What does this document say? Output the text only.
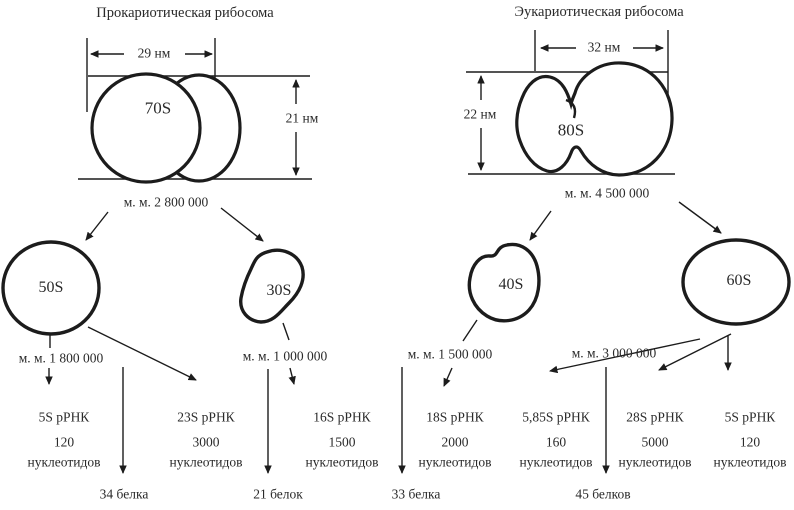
Прокариотическая рибосома	Эукариотическая рибосома
29 нм
21 нм
32 нм
22 нм
70S
80S
м. м. 2 800 000
м. м. 4 500 000
50S	30S	40S	60S
м. м. 1 800 000	м. м. 1 000 000	м. м. 1 500 000	м. м. 3 000 000
5S рРНК
120
нуклеотидов
23S рРНК
3000
нуклеотидов
16S рРНК
1500
нуклеотидов
18S рРНК
2000
нуклеотидов
5,85S рРНК
160
нуклеотидов
28S рРНК
5000
нуклеотидов
5S рРНК
120
нуклеотидов
34 белка	21 белок	33 белка	45 белков
